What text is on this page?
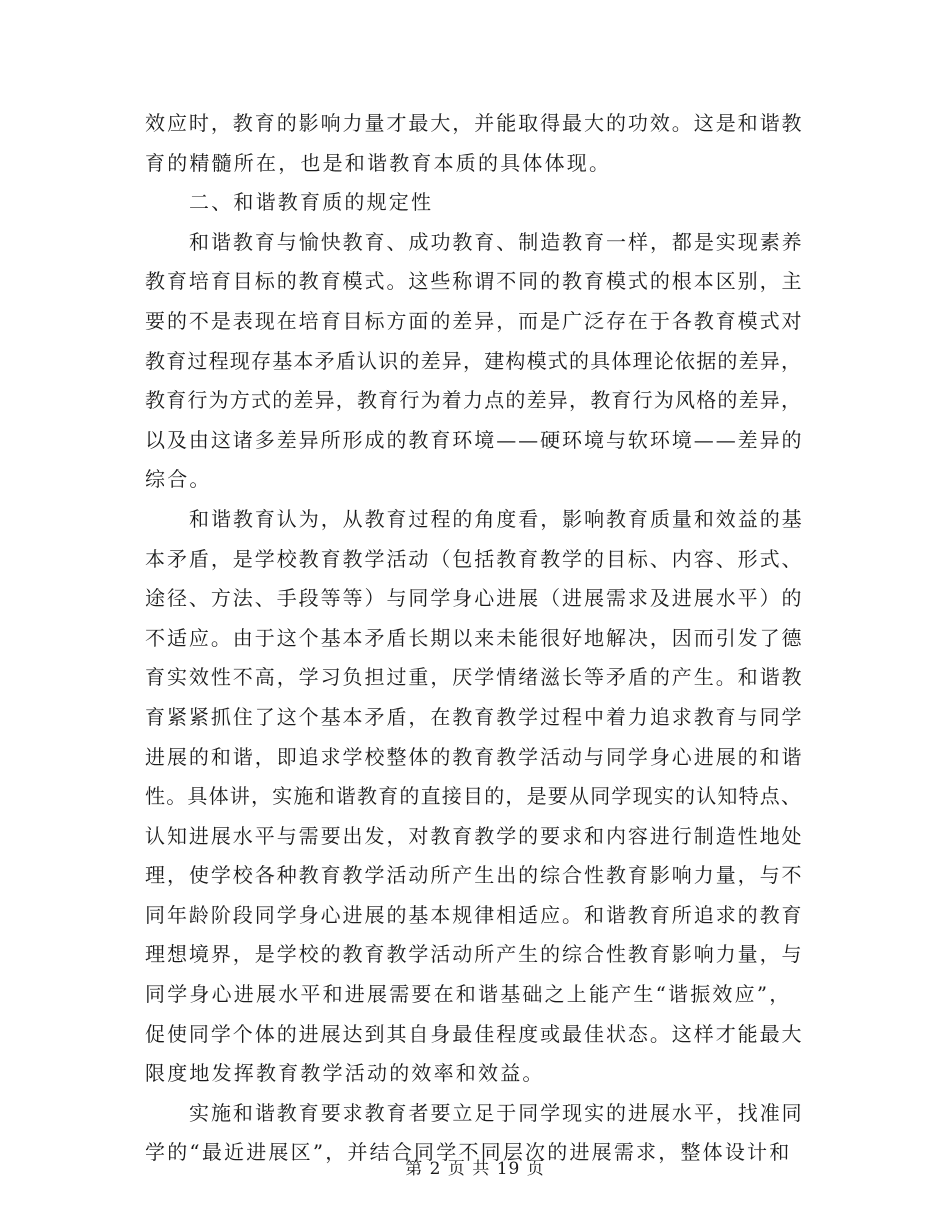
效应时，教育的影响力量才最大，并能取得最大的功效。这是和谐教
育的精髓所在，也是和谐教育本质的具体体现。
二、和谐教育质的规定性
和谐教育与愉快教育、成功教育、制造教育一样，都是实现素养
教育培育目标的教育模式。这些称谓不同的教育模式的根本区别，主
要的不是表现在培育目标方面的差异，而是广泛存在于各教育模式对
教育过程现存基本矛盾认识的差异，建构模式的具体理论依据的差异，
教育行为方式的差异，教育行为着力点的差异，教育行为风格的差异，
以及由这诸多差异所形成的教育环境——硬环境与软环境——差异的
综合。
和谐教育认为，从教育过程的角度看，影响教育质量和效益的基
本矛盾，是学校教育教学活动（包括教育教学的目标、内容、形式、
途径、方法、手段等等）与同学身心进展（进展需求及进展水平）的
不适应。由于这个基本矛盾长期以来未能很好地解决，因而引发了德
育实效性不高，学习负担过重，厌学情绪滋长等矛盾的产生。和谐教
育紧紧抓住了这个基本矛盾，在教育教学过程中着力追求教育与同学
进展的和谐，即追求学校整体的教育教学活动与同学身心进展的和谐
性。具体讲，实施和谐教育的直接目的，是要从同学现实的认知特点、
认知进展水平与需要出发，对教育教学的要求和内容进行制造性地处
理，使学校各种教育教学活动所产生出的综合性教育影响力量，与不
同年龄阶段同学身心进展的基本规律相适应。和谐教育所追求的教育
理想境界，是学校的教育教学活动所产生的综合性教育影响力量，与
同学身心进展水平和进展需要在和谐基础之上能产生“谐振效应”，
促使同学个体的进展达到其自身最佳程度或最佳状态。这样才能最大
限度地发挥教育教学活动的效率和效益。
实施和谐教育要求教育者要立足于同学现实的进展水平，找准同
学的“最近进展区”，并结合同学不同层次的进展需求，整体设计和
第 2 页 共 19 页
